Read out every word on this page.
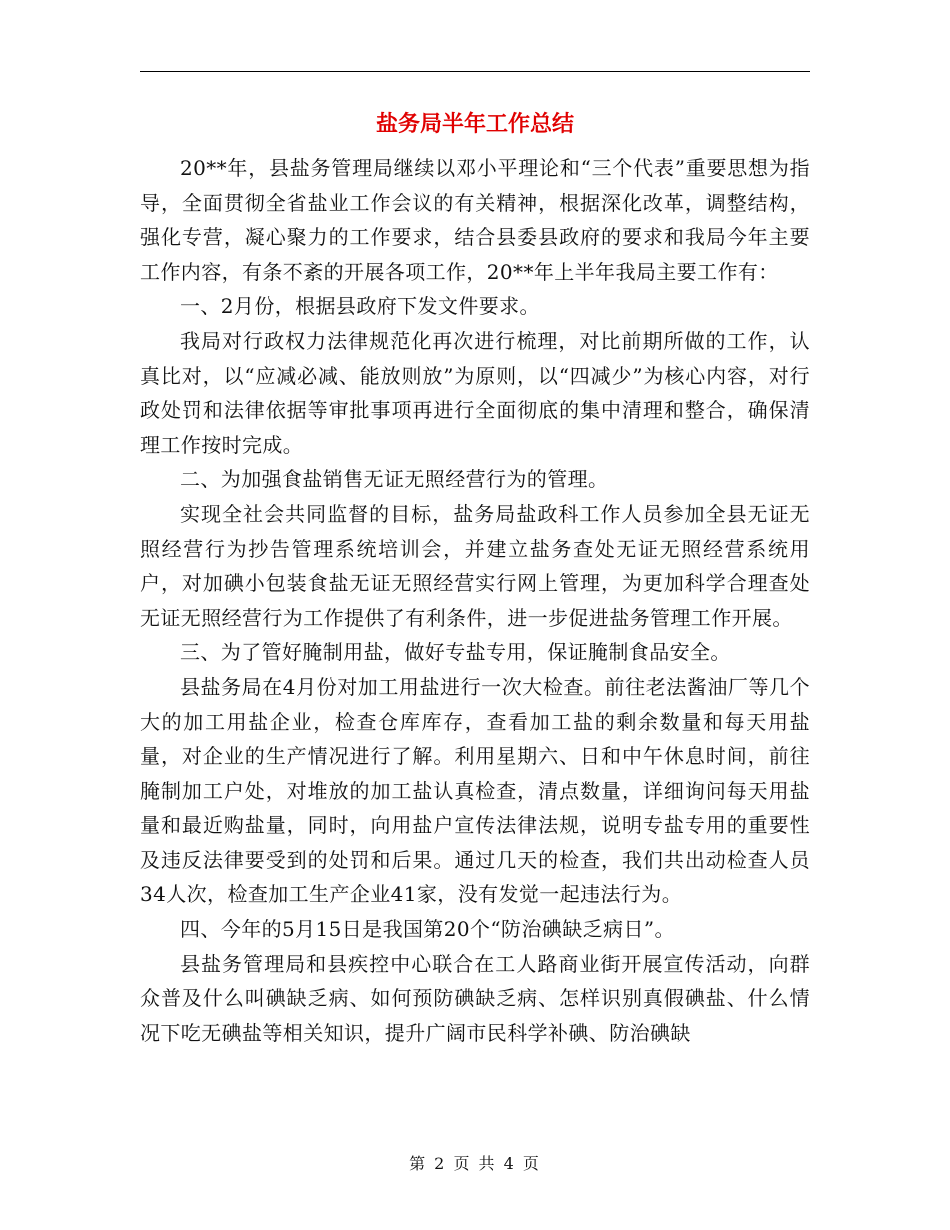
盐务局半年工作总结

20**年，县盐务管理局继续以邓小平理论和“三个代表”重要思想为指导，全面贯彻全省盐业工作会议的有关精神，根据深化改革，调整结构，强化专营，凝心聚力的工作要求，结合县委县政府的要求和我局今年主要工作内容，有条不紊的开展各项工作，20**年上半年我局主要工作有：

一、2月份，根据县政府下发文件要求。

我局对行政权力法律规范化再次进行梳理，对比前期所做的工作，认真比对，以“应减必减、能放则放”为原则，以“四减少”为核心内容，对行政处罚和法律依据等审批事项再进行全面彻底的集中清理和整合，确保清理工作按时完成。

二、为加强食盐销售无证无照经营行为的管理。

实现全社会共同监督的目标，盐务局盐政科工作人员参加全县无证无照经营行为抄告管理系统培训会，并建立盐务查处无证无照经营系统用户，对加碘小包装食盐无证无照经营实行网上管理，为更加科学合理查处无证无照经营行为工作提供了有利条件，进一步促进盐务管理工作开展。

三、为了管好腌制用盐，做好专盐专用，保证腌制食品安全。

县盐务局在4月份对加工用盐进行一次大检查。前往老法酱油厂等几个大的加工用盐企业，检查仓库库存，查看加工盐的剩余数量和每天用盐量，对企业的生产情况进行了解。利用星期六、日和中午休息时间，前往腌制加工户处，对堆放的加工盐认真检查，清点数量，详细询问每天用盐量和最近购盐量，同时，向用盐户宣传法律法规，说明专盐专用的重要性及违反法律要受到的处罚和后果。通过几天的检查，我们共出动检查人员34人次，检查加工生产企业41家，没有发觉一起违法行为。

四、今年的5月15日是我国第20个“防治碘缺乏病日”。

县盐务管理局和县疾控中心联合在工人路商业街开展宣传活动，向群众普及什么叫碘缺乏病、如何预防碘缺乏病、怎样识别真假碘盐、什么情况下吃无碘盐等相关知识，提升广阔市民科学补碘、防治碘缺

第 2 页 共 4 页
